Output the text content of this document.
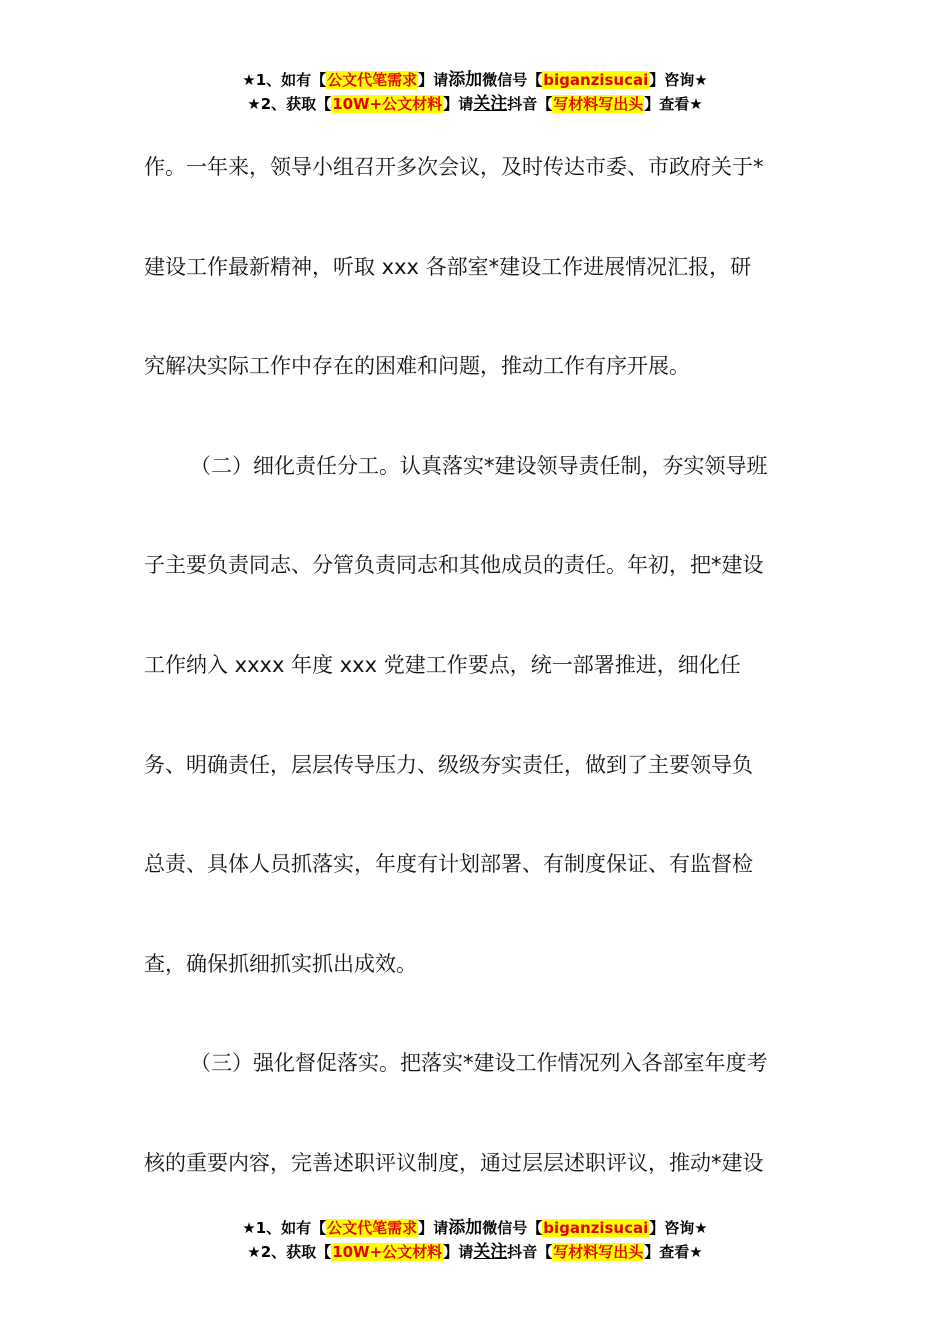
★1、如有【公文代笔需求】请添加微信号【biganzisucai】咨询★
★2、获取【10W+公文材料】请关注抖音【写材料写出头】查看★
作。一年来，领导小组召开多次会议，及时传达市委、市政府关于*
建设工作最新精神，听取 xxx 各部室*建设工作进展情况汇报，研
究解决实际工作中存在的困难和问题，推动工作有序开展。
（二）细化责任分工。认真落实*建设领导责任制，夯实领导班
子主要负责同志、分管负责同志和其他成员的责任。年初，把*建设
工作纳入 xxxx 年度 xxx 党建工作要点，统一部署推进，细化任
务、明确责任，层层传导压力、级级夯实责任，做到了主要领导负
总责、具体人员抓落实，年度有计划部署、有制度保证、有监督检
查，确保抓细抓实抓出成效。
（三）强化督促落实。把落实*建设工作情况列入各部室年度考
核的重要内容，完善述职评议制度，通过层层述职评议，推动*建设
★1、如有【公文代笔需求】请添加微信号【biganzisucai】咨询★
★2、获取【10W+公文材料】请关注抖音【写材料写出头】查看★
